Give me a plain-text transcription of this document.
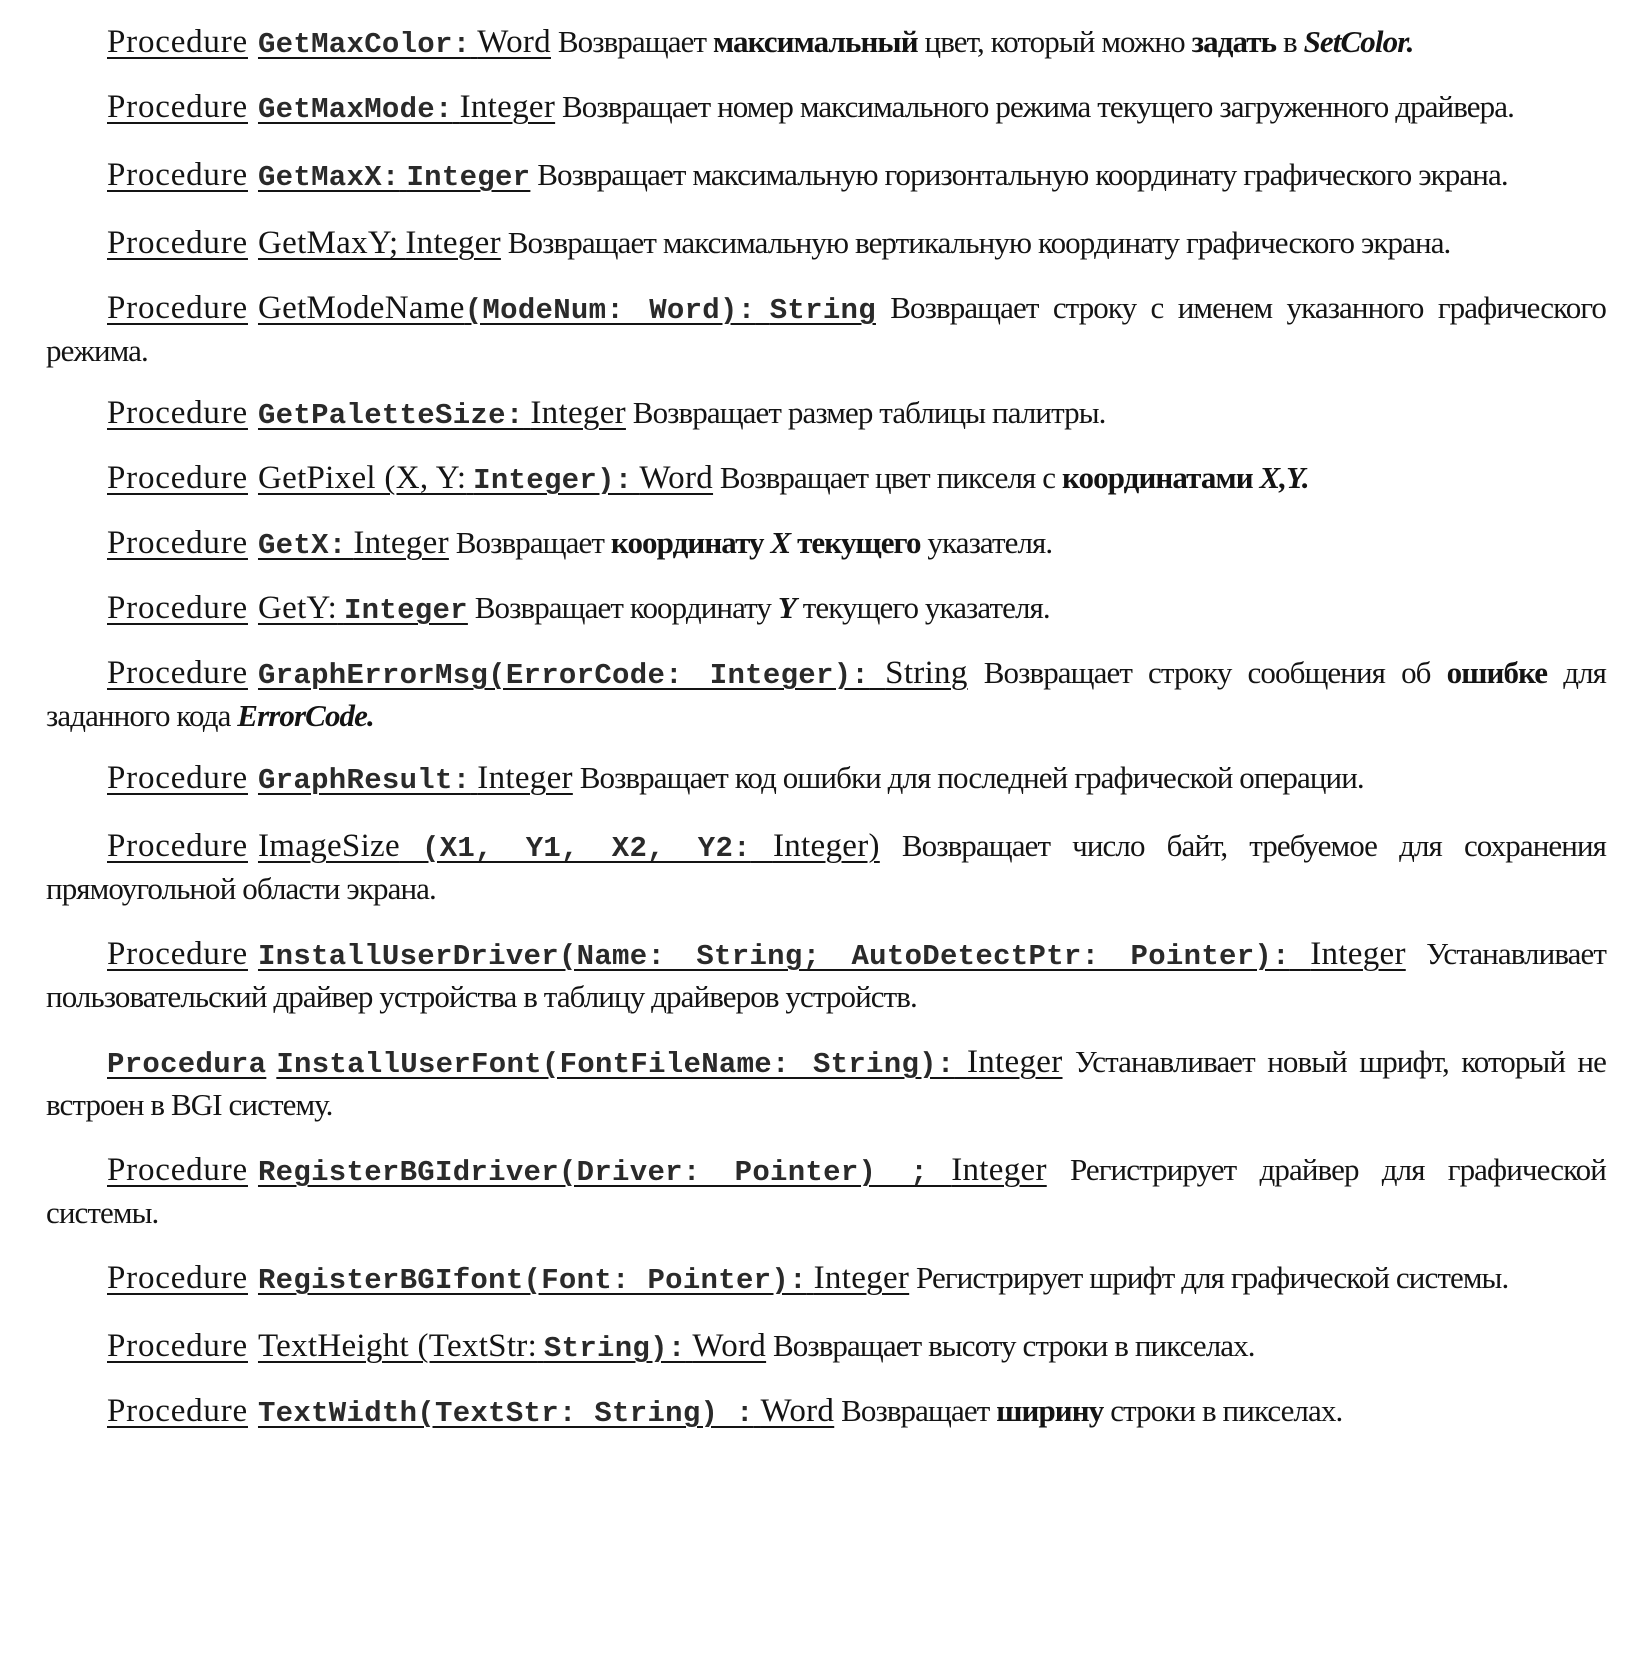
Procedure GetMaxColor: Word Возвращает максимальный цвет, который можно задать в SetColor.

Procedure GetMaxMode: Integer Возвращает номер максимального режима текущего загруженного драйвера.

Procedure GetMaxX: Integer Возвращает максимальную горизонтальную координату графического экрана.

Procedure GetMaxY; Integer Возвращает максимальную вертикальную координату графического экрана.

Procedure GetModeName(ModeNum: Word): String Возвращает строку с именем указанного графического режима.

Procedure GetPaletteSize: Integer Возвращает размер таблицы палитры.

Procedure GetPixel (X, Y: Integer): Word Возвращает цвет пикселя с координатами X,Y.

Procedure GetX: Integer Возвращает координату X текущего указателя.

Procedure GetY: Integer Возвращает координату Y текущего указателя.

Procedure GraphErrorMsg(ErrorCode: Integer): String Возвращает строку сообщения об ошибке для заданного кода ErrorCode.

Procedure GraphResult: Integer Возвращает код ошибки для последней графической операции.

Procedure ImageSize (X1, Y1, X2, Y2: Integer) Возвращает число байт, требуемое для сохранения прямоугольной области экрана.

Procedure InstallUserDriver(Name: String; AutoDetectPtr: Pointer): Integer Устанавливает пользовательский драйвер устройства в таблицу драйверов устройств.

Procedura InstallUserFont(FontFileName: String): Integer Устанавливает новый шрифт, который не встроен в BGI систему.

Procedure RegisterBGIdriver(Driver: Pointer) ; Integer Регистрирует драйвер для графической системы.

Procedure RegisterBGIfont(Font: Pointer): Integer Регистрирует шрифт для графической системы.

Procedure TextHeight (TextStr: String): Word Возвращает высоту строки в пикселах.

Procedure TextWidth(TextStr: String) : Word Возвращает ширину строки в пикселах.
